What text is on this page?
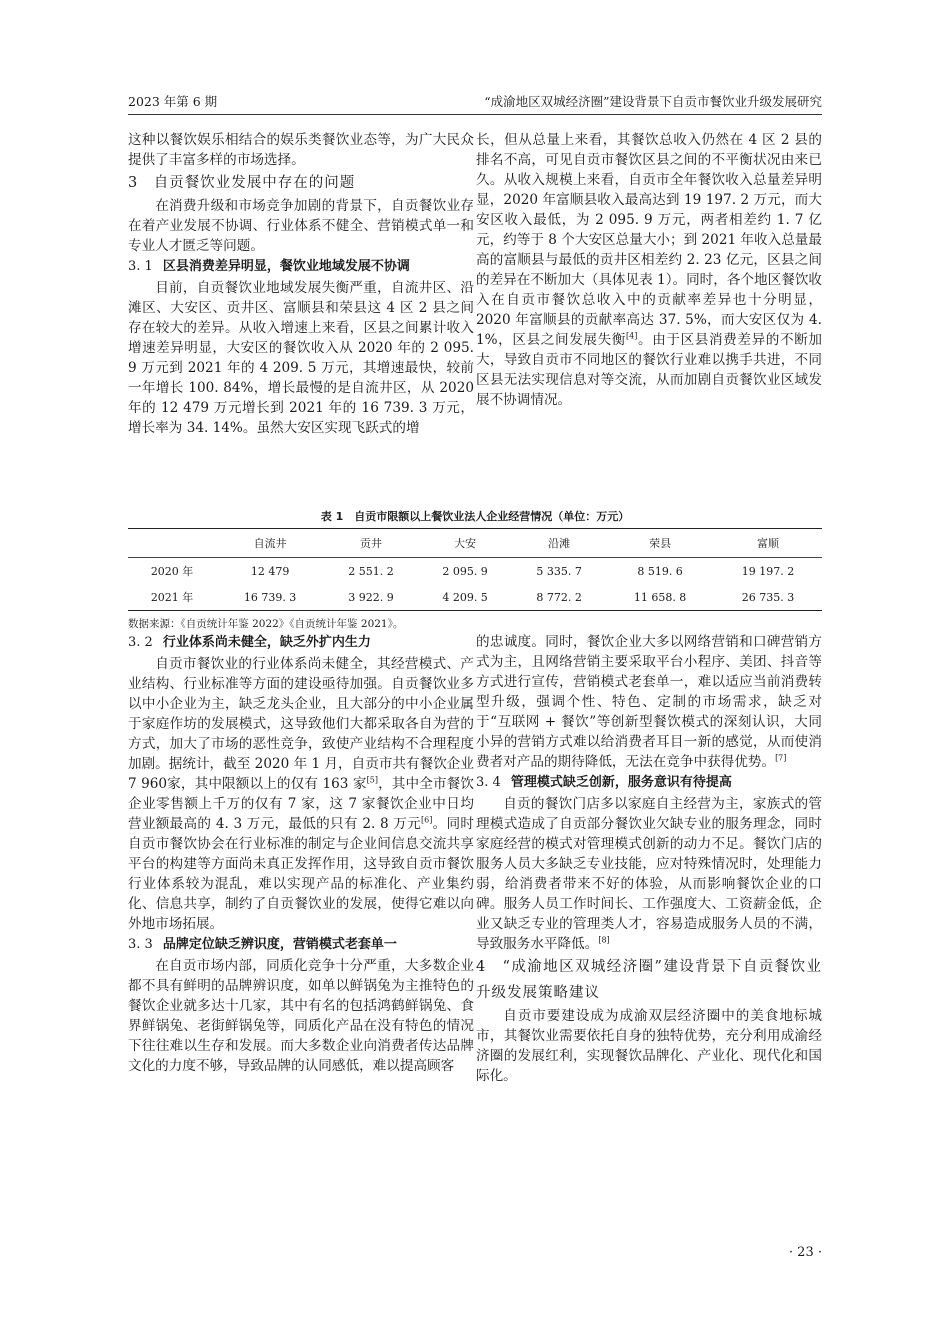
2023 年第 6 期	“成渝地区双城经济圈”建设背景下自贡市餐饮业升级发展研究

这种以餐饮娱乐相结合的娱乐类餐饮业态等，为广大民众提供了丰富多样的市场选择。

3　自贡餐饮业发展中存在的问题

在消费升级和市场竞争加剧的背景下，自贡餐饮业存在着产业发展不协调、行业体系不健全、营销模式单一和专业人才匮乏等问题。

3. 1 区县消费差异明显，餐饮业地域发展不协调

目前，自贡餐饮业地域发展失衡严重，自流井区、沿滩区、大安区、贡井区、富顺县和荣县这 4 区 2 县之间存在较大的差异。从收入增速上来看，区县之间累计收入增速差异明显，大安区的餐饮收入从 2020 年的 2 095. 9 万元到 2021 年的 4 209. 5 万元，其增速最快，较前一年增长 100. 84%，增长最慢的是自流井区，从 2020 年的 12 479 万元增长到 2021 年的 16 739. 3 万元，增长率为 34. 14%。虽然大安区实现飞跃式的增

长，但从总量上来看，其餐饮总收入仍然在 4 区 2 县的排名不高，可见自贡市餐饮区县之间的不平衡状况由来已久。从收入规模上来看，自贡市全年餐饮收入总量差异明显，2020 年富顺县收入最高达到 19 197. 2 万元，而大安区收入最低，为 2 095. 9 万元，两者相差约 1. 7 亿元，约等于 8 个大安区总量大小；到 2021 年收入总量最高的富顺县与最低的贡井区相差约 2. 23 亿元，区县之间的差异在不断加大（具体见表 1）。同时，各个地区餐饮收入在自贡市餐饮总收入中的贡献率差异也十分明显，2020 年富顺县的贡献率高达 37. 5%，而大安区仅为 4. 1%，区县之间发展失衡[4]。由于区县消费差异的不断加大，导致自贡市不同地区的餐饮行业难以携手共进，不同区县无法实现信息对等交流，从而加剧自贡餐饮业区域发展不协调情况。

表 1　自贡市限额以上餐饮业法人企业经营情况（单位：万元）
	自流井	贡井	大安	沿滩	荣县	富顺
2020 年	12 479	2 551. 2	2 095. 9	5 335. 7	8 519. 6	19 197. 2
2021 年	16 739. 3	3 922. 9	4 209. 5	8 772. 2	11 658. 8	26 735. 3
数据来源：《自贡统计年鉴 2022》《自贡统计年鉴 2021》。

3. 2 行业体系尚未健全，缺乏外扩内生力

自贡市餐饮业的行业体系尚未健全，其经营模式、产业结构、行业标准等方面的建设亟待加强。自贡餐饮业多以中小企业为主，缺乏龙头企业，且大部分的中小企业属于家庭作坊的发展模式，这导致他们大都采取各自为营的方式，加大了市场的恶性竞争，致使产业结构不合理程度加剧。据统计，截至 2020 年 1 月，自贡市共有餐饮企业 7 960家，其中限额以上的仅有 163 家[5]，其中全市餐饮企业零售额上千万的仅有 7 家，这 7 家餐饮企业中日均营业额最高的 4. 3 万元，最低的只有 2. 8 万元[6]。同时自贡市餐饮协会在行业标准的制定与企业间信息交流共享平台的构建等方面尚未真正发挥作用，这导致自贡市餐饮行业体系较为混乱，难以实现产品的标准化、产业集约化、信息共享，制约了自贡餐饮业的发展，使得它难以向外地市场拓展。

3. 3 品牌定位缺乏辨识度，营销模式老套单一

在自贡市场内部，同质化竞争十分严重，大多数企业都不具有鲜明的品牌辨识度，如单以鲜锅兔为主推特色的餐饮企业就多达十几家，其中有名的包括鸿鹤鲜锅兔、食界鲜锅兔、老街鲜锅兔等，同质化产品在没有特色的情况下往往难以生存和发展。而大多数企业向消费者传达品牌文化的力度不够，导致品牌的认同感低，难以提高顾客

的忠诚度。同时，餐饮企业大多以网络营销和口碑营销方式为主，且网络营销主要采取平台小程序、美团、抖音等方式进行宣传，营销模式老套单一，难以适应当前消费转型升级，强调个性、特色、定制的市场需求，缺乏对于“互联网 + 餐饮”等创新型餐饮模式的深刻认识，大同小异的营销方式难以给消费者耳目一新的感觉，从而使消费者对产品的期待降低，无法在竞争中获得优势。[7]

3. 4 管理模式缺乏创新，服务意识有待提高

自贡的餐饮门店多以家庭自主经营为主，家族式的管理模式造成了自贡部分餐饮业欠缺专业的服务理念，同时家庭经营的模式对管理模式创新的动力不足。餐饮门店的服务人员大多缺乏专业技能，应对特殊情况时，处理能力弱，给消费者带来不好的体验，从而影响餐饮企业的口碑。服务人员工作时间长、工作强度大、工资薪金低，企业又缺乏专业的管理类人才，容易造成服务人员的不满，导致服务水平降低。[8]

4　“成渝地区双城经济圈”建设背景下自贡餐饮业升级发展策略建议

自贡市要建设成为成渝双层经济圈中的美食地标城市，其餐饮业需要依托自身的独特优势，充分利用成渝经济圈的发展红利，实现餐饮品牌化、产业化、现代化和国际化。

· 23 ·
